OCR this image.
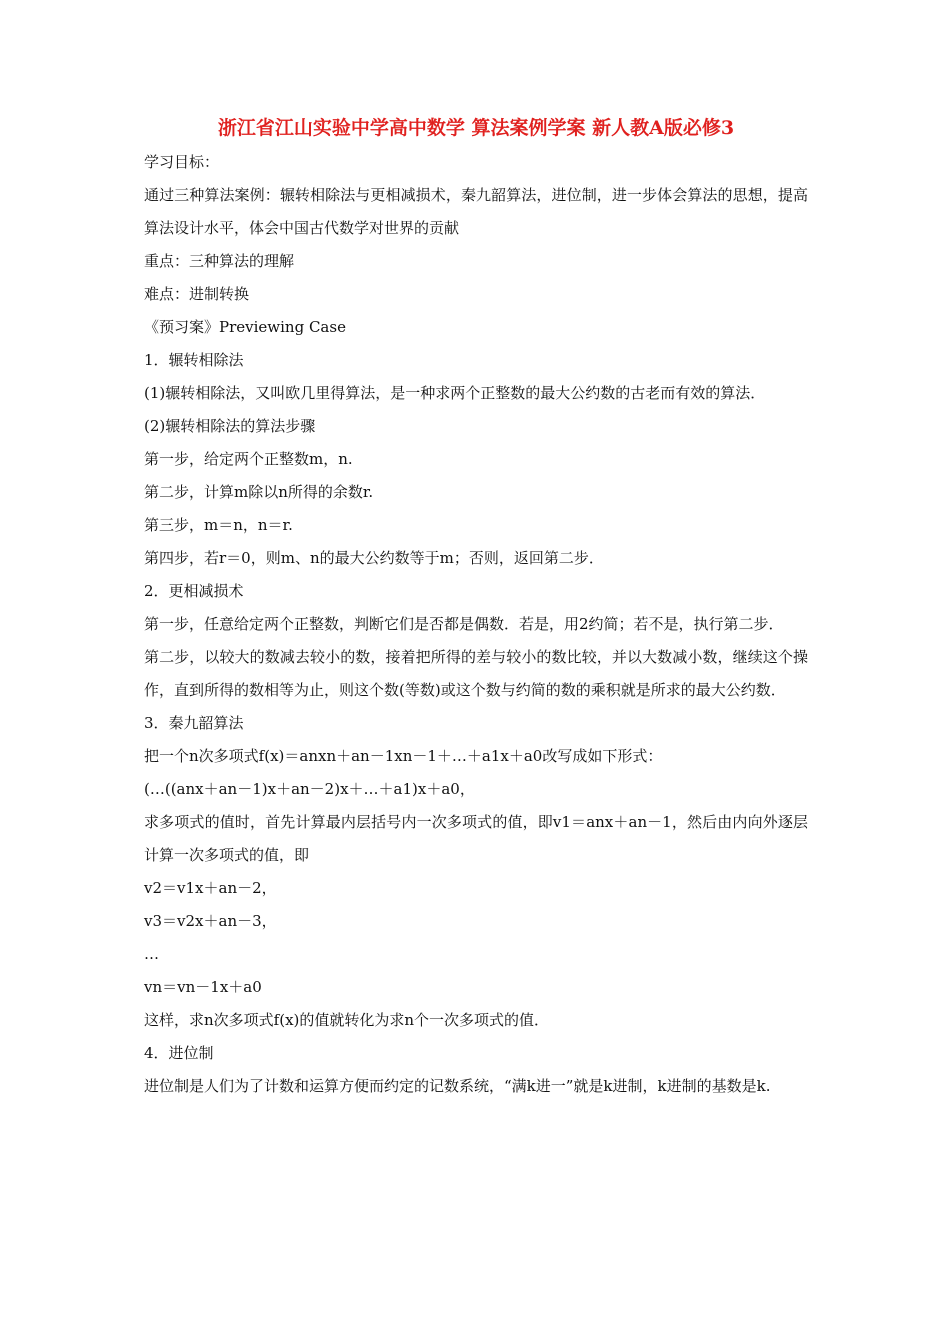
浙江省江山实验中学高中数学 算法案例学案 新人教A版必修3

学习目标：

通过三种算法案例：辗转相除法与更相减损术，秦九韶算法，进位制，进一步体会算法的思想，提高算法设计水平，体会中国古代数学对世界的贡献

重点：三种算法的理解

难点：进制转换

《预习案》Previewing Case

1．辗转相除法

(1)辗转相除法，又叫欧几里得算法，是一种求两个正整数的最大公约数的古老而有效的算法．

(2)辗转相除法的算法步骤

第一步，给定两个正整数m，n.

第二步，计算m除以n所得的余数r.

第三步，m＝n，n＝r.

第四步，若r＝0，则m、n的最大公约数等于m；否则，返回第二步．

2．更相减损术

第一步，任意给定两个正整数，判断它们是否都是偶数．若是，用2约简；若不是，执行第二步．

第二步，以较大的数减去较小的数，接着把所得的差与较小的数比较，并以大数减小数，继续这个操作，直到所得的数相等为止，则这个数(等数)或这个数与约简的数的乘积就是所求的最大公约数．

3．秦九韶算法

把一个n次多项式f(x)＝anxn＋an－1xn－1＋…＋a1x＋a0改写成如下形式：

(…((anx＋an－1)x＋an－2)x＋…＋a1)x＋a0，

求多项式的值时，首先计算最内层括号内一次多项式的值，即v1＝anx＋an－1，然后由内向外逐层计算一次多项式的值，即

v2＝v1x＋an－2，

v3＝v2x＋an－3，

…

vn＝vn－1x＋a0

这样，求n次多项式f(x)的值就转化为求n个一次多项式的值．

4．进位制

进位制是人们为了计数和运算方便而约定的记数系统，“满k进一”就是k进制，k进制的基数是k.
